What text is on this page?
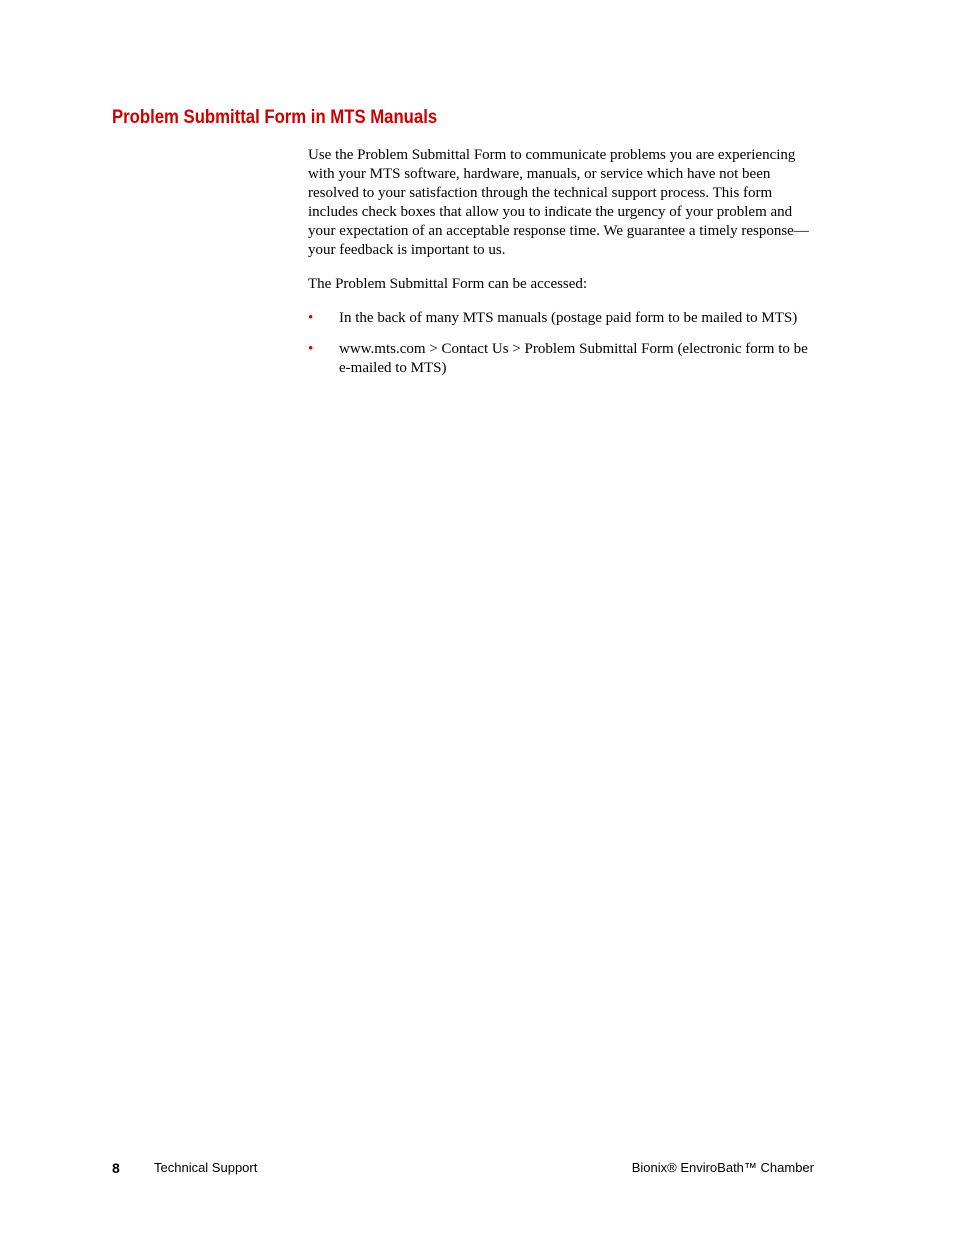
Problem Submittal Form in MTS Manuals

Use the Problem Submittal Form to communicate problems you are experiencing with your MTS software, hardware, manuals, or service which have not been resolved to your satisfaction through the technical support process. This form includes check boxes that allow you to indicate the urgency of your problem and your expectation of an acceptable response time. We guarantee a timely response—your feedback is important to us.

The Problem Submittal Form can be accessed:

• In the back of many MTS manuals (postage paid form to be mailed to MTS)
• www.mts.com > Contact Us > Problem Submittal Form (electronic form to be e-mailed to MTS)
8	Technical Support	Bionix® EnviroBath™ Chamber
